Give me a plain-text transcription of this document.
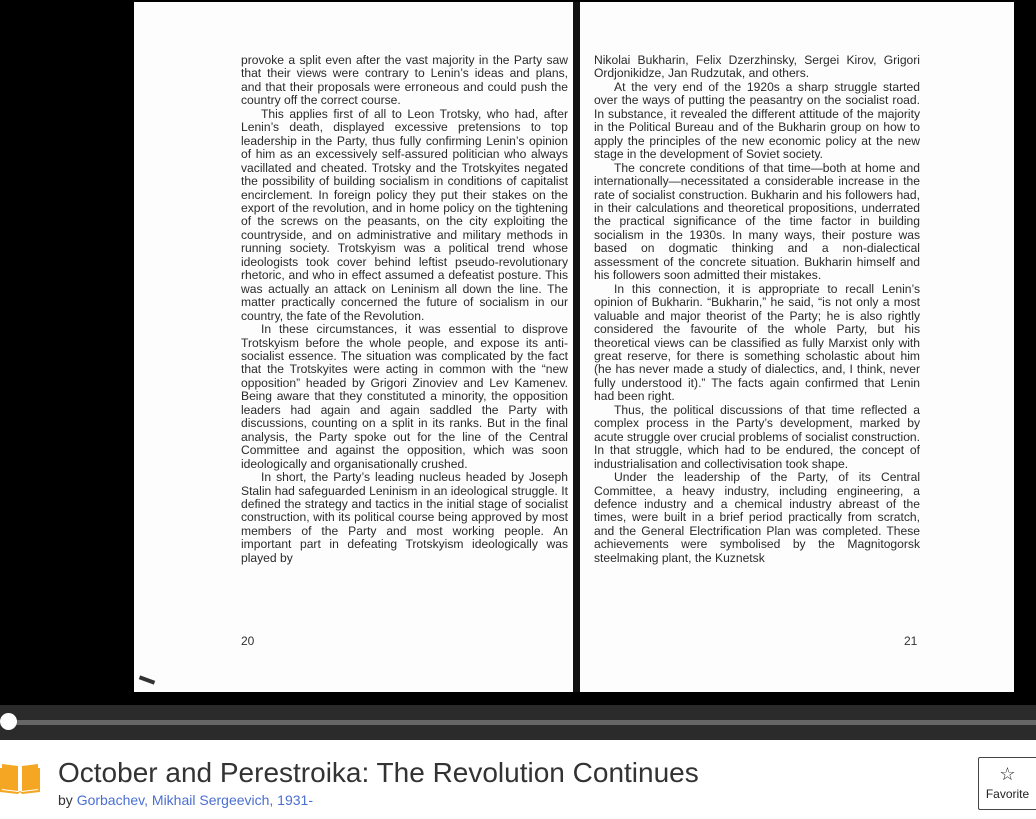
provoke a split even after the vast majority in the Party saw that their views were contrary to Lenin’s ideas and plans, and that their proposals were erroneous and could push the country off the correct course.

This applies first of all to Leon Trotsky, who had, after Lenin’s death, displayed excessive pretensions to top leadership in the Party, thus fully confirming Lenin’s opinion of him as an excessively self-assured politician who always vacillated and cheated. Trotsky and the Trotskyites negated the possibility of building socialism in conditions of capitalist encirclement. In foreign policy they put their stakes on the export of the revolution, and in home policy on the tightening of the screws on the peasants, on the city exploiting the countryside, and on administrative and military methods in running society. Trotskyism was a political trend whose ideologists took cover behind leftist pseudo-revolutionary rhetoric, and who in effect assumed a defeatist posture. This was actually an attack on Leninism all down the line. The matter practically concerned the future of socialism in our country, the fate of the Revolution.

In these circumstances, it was essential to disprove Trotskyism before the whole people, and expose its anti-socialist essence. The situation was complicated by the fact that the Trotskyites were acting in common with the “new opposition” headed by Grigori Zinoviev and Lev Kamenev. Being aware that they constituted a minority, the opposition leaders had again and again saddled the Party with discussions, counting on a split in its ranks. But in the final analysis, the Party spoke out for the line of the Central Committee and against the opposition, which was soon ideologically and organisationally crushed.

In short, the Party’s leading nucleus headed by Joseph Stalin had safeguarded Leninism in an ideological struggle. It defined the strategy and tactics in the initial stage of socialist construction, with its political course being approved by most members of the Party and most working people. An important part in defeating Trotskyism ideologically was played by

20

Nikolai Bukharin, Felix Dzerzhinsky, Sergei Kirov, Grigori Ordjonikidze, Jan Rudzutak, and others.

At the very end of the 1920s a sharp struggle started over the ways of putting the peasantry on the socialist road. In substance, it revealed the different attitude of the majority in the Political Bureau and of the Bukharin group on how to apply the principles of the new economic policy at the new stage in the development of Soviet society.

The concrete conditions of that time—both at home and internationally—necessitated a considerable increase in the rate of socialist construction. Bukharin and his followers had, in their calculations and theoretical propositions, underrated the practical significance of the time factor in building socialism in the 1930s. In many ways, their posture was based on dogmatic thinking and a non-dialectical assessment of the concrete situation. Bukharin himself and his followers soon admitted their mistakes.

In this connection, it is appropriate to recall Lenin’s opinion of Bukharin. “Bukharin,” he said, “is not only a most valuable and major theorist of the Party; he is also rightly considered the favourite of the whole Party, but his theoretical views can be classified as fully Marxist only with great reserve, for there is something scholastic about him (he has never made a study of dialectics, and, I think, never fully understood it).” The facts again confirmed that Lenin had been right.

Thus, the political discussions of that time reflected a complex process in the Party’s development, marked by acute struggle over crucial problems of socialist construction. In that struggle, which had to be endured, the concept of industrialisation and collectivisation took shape.

Under the leadership of the Party, of its Central Committee, a heavy industry, including engineering, a defence industry and a chemical industry abreast of the times, were built in a brief period practically from scratch, and the General Electrification Plan was completed. These achievements were symbolised by the Magnitogorsk steelmaking plant, the Kuznetsk

21
October and Perestroika: The Revolution Continues
by Gorbachev, Mikhail Sergeevich, 1931-
☆
Favorite
